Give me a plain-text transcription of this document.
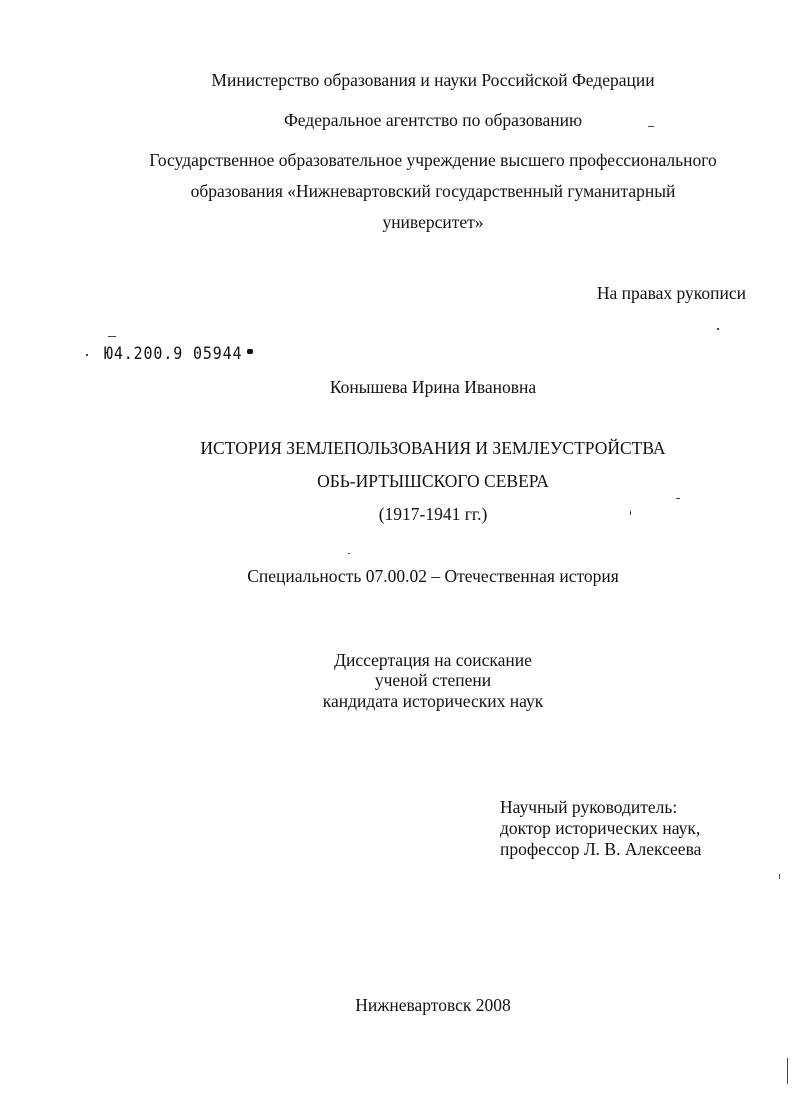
Министерство образования и науки Российской Федерации
Федеральное агентство по образованию
Государственное образовательное учреждение высшего профессионального
образования «Нижневартовский государственный гуманитарный
университет»
На правах рукописи
Ю4.200.9 05944
Конышева Ирина Ивановна
ИСТОРИЯ ЗЕМЛЕПОЛЬЗОВАНИЯ И ЗЕМЛЕУСТРОЙСТВА
ОБЬ-ИРТЫШСКОГО СЕВЕРА
(1917-1941 гг.)
Специальность 07.00.02 – Отечественная история
Диссертация на соискание
ученой степени
кандидата исторических наук
Научный руководитель:
доктор исторических наук,
профессор Л. В. Алексеева
Нижневартовск 2008
